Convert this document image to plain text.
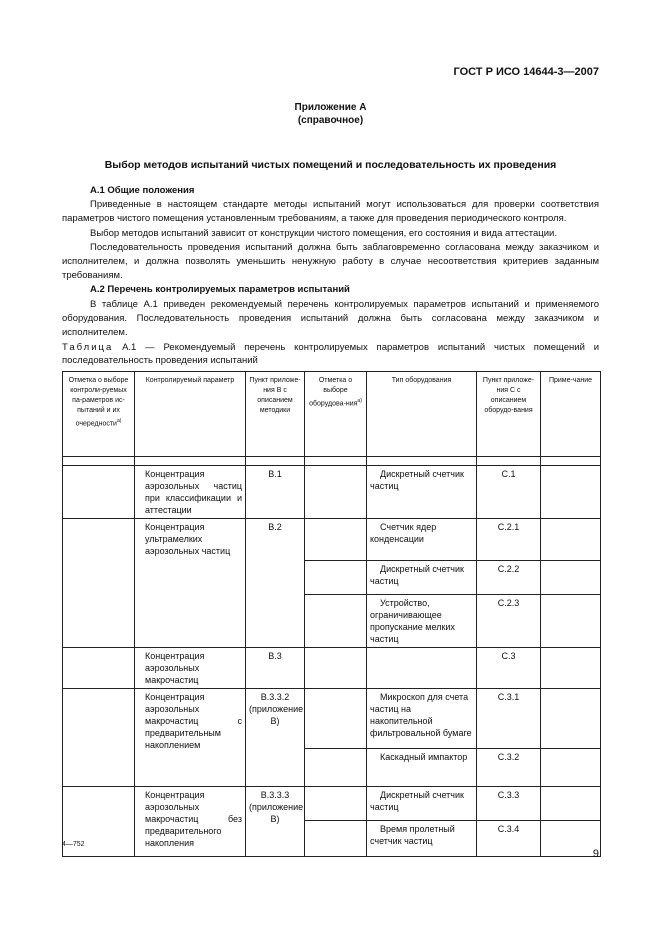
ГОСТ Р ИСО 14644-3—2007
Приложение А
(справочное)
Выбор методов испытаний чистых помещений и последовательность их проведения

А.1 Общие положения

Приведенные в настоящем стандарте методы испытаний могут использоваться для проверки соответствия параметров чистого помещения установленным требованиям, а также для проведения периодического контроля.

Выбор методов испытаний зависит от конструкции чистого помещения, его состояния и вида аттестации.

Последовательность проведения испытаний должна быть заблаговременно согласована между заказчиком и исполнителем, и должна позволять уменьшить ненужную работу в случае несоответствия критериев заданным требованиям.

А.2 Перечень контролируемых параметров испытаний

В таблице А.1 приведен рекомендуемый перечень контролируемых параметров испытаний и применяемого оборудования. Последовательность проведения испытаний должна быть согласована между заказчиком и исполнителем.

Таблица А.1 — Рекомендуемый перечень контролируемых параметров испытаний чистых помещений и последовательность проведения испытаний
Отметка о выборе контроли-руемых па-раметров ис-пытаний и их очередности$^{а)}$	Контролируемый параметр	Пункт приложе-ния В с описанием методики	Отметка о выборе оборудова-ния$^{а)}$	Тип оборудования	Пункт приложе-ния С с описанием оборудо-вания	Приме-чание

	Концентрация аэрозольных частиц при классификации и аттестации	В.1		Дискретный счетчик частиц	С.1	
	Концентрация ультрамелких аэрозольных частиц	В.2		Счетчик ядер конденсации	С.2.1	
				Дискретный счетчик частиц	С.2.2	
				Устройство, ограничивающее пропускание мелких частиц	С.2.3	
	Концентрация аэрозольных макрочастиц	В.3			С.3	
	Концентрация аэрозольных макрочастиц с предварительным накоплением	В.3.3.2 (приложение В)		Микроскоп для счета частиц на накопительной фильтровальной бумаге	С.3.1	
				Каскадный импактор	С.3.2	
	Концентрация аэрозольных макрочастиц без предварительного накопления	В.3.3.3 (приложение В)		Дискретный счетчик частиц	С.3.3	
				Время пролетный счетчик частиц	С.3.4	
4—752
9
